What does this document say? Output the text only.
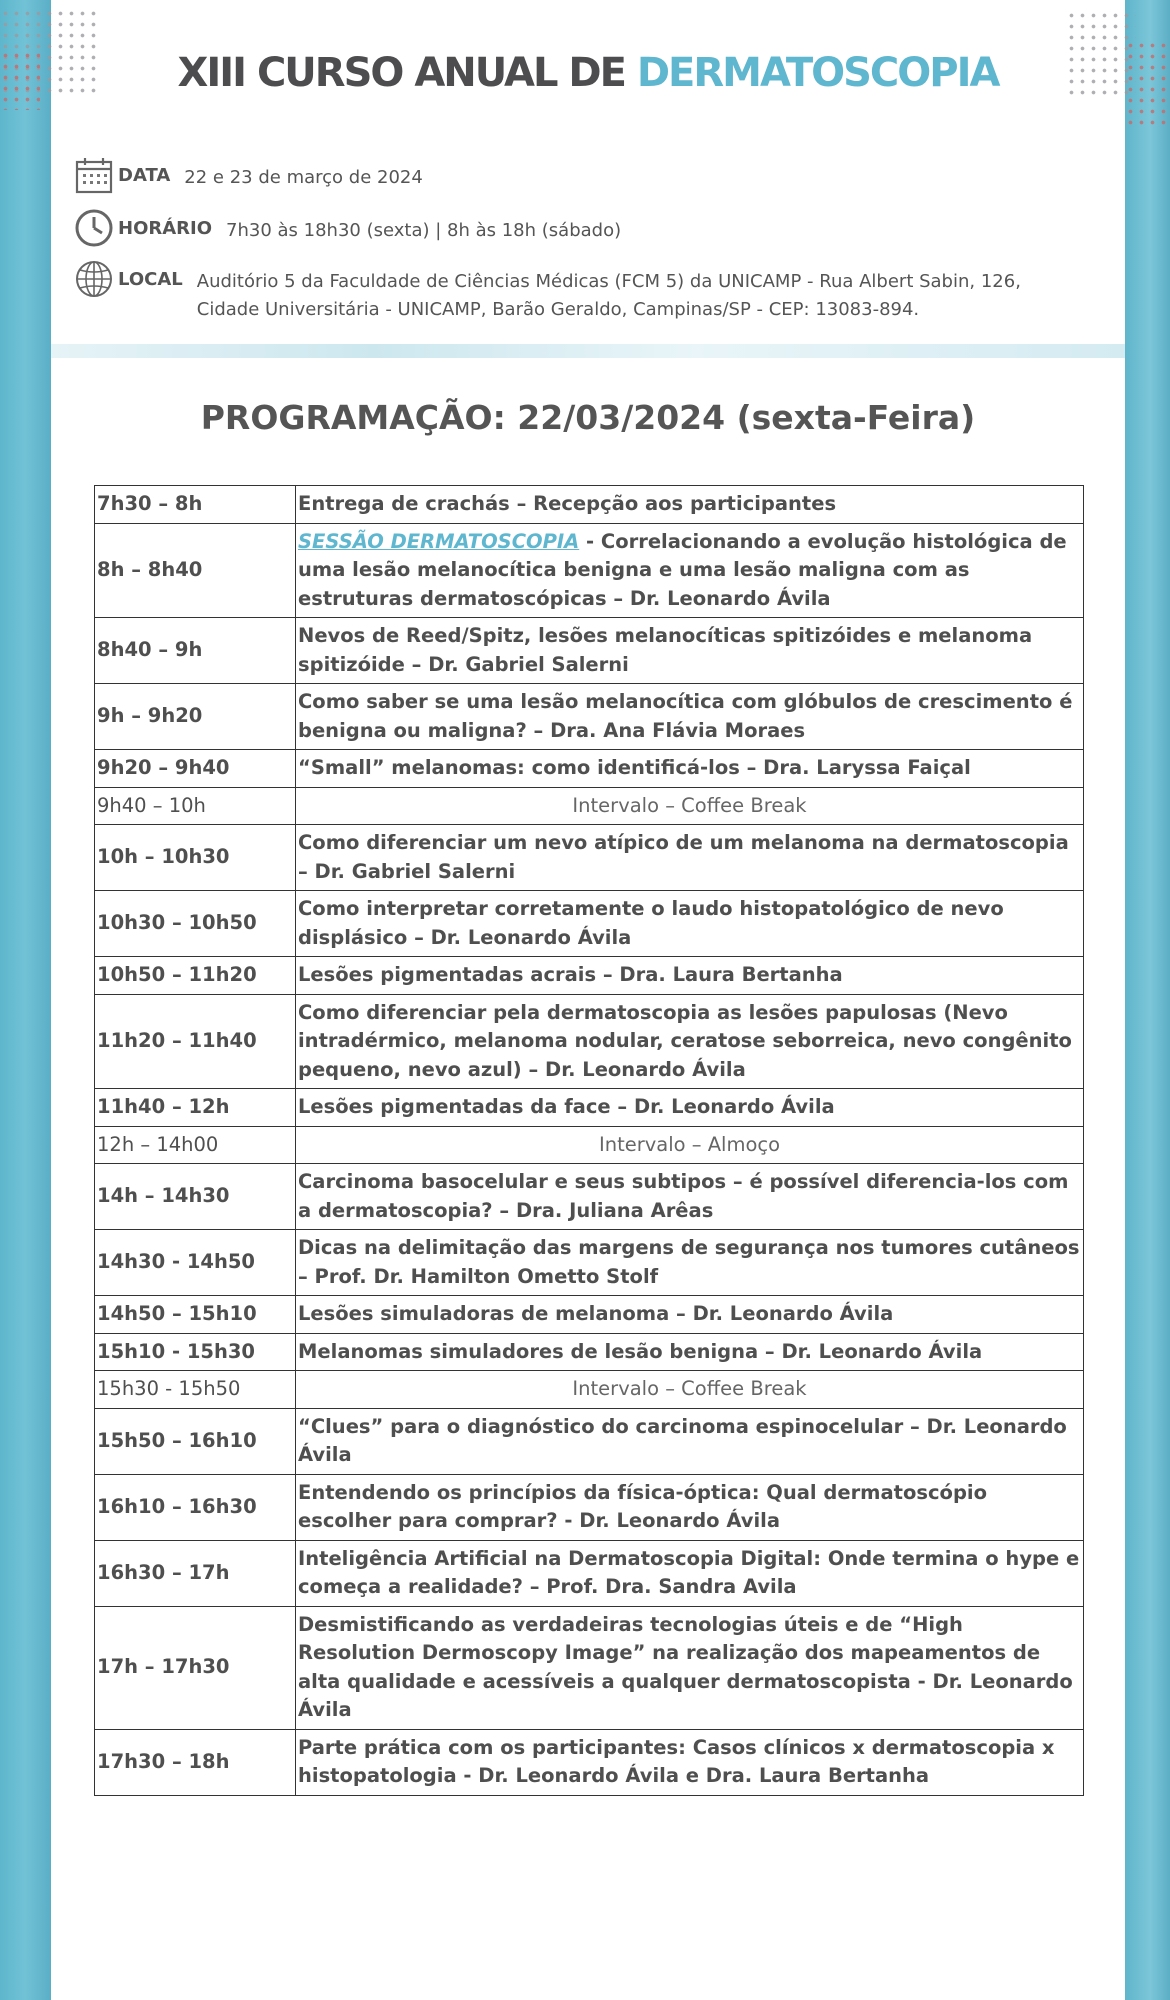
XIII CURSO ANUAL DE DERMATOSCOPIA
DATA 22 e 23 de março de 2024
HORÁRIO 7h30 às 18h30 (sexta) | 8h às 18h (sábado)
LOCAL Auditório 5 da Faculdade de Ciências Médicas (FCM 5) da UNICAMP - Rua Albert Sabin, 126, Cidade Universitária - UNICAMP, Barão Geraldo, Campinas/SP - CEP: 13083-894.
PROGRAMAÇÃO: 22/03/2024 (sexta-Feira)
7h30 – 8h	Entrega de crachás – Recepção aos participantes
8h – 8h40	SESSÃO DERMATOSCOPIA - Correlacionando a evolução histológica de uma lesão melanocítica benigna e uma lesão maligna com as estruturas dermatoscópicas – Dr. Leonardo Ávila
8h40 – 9h	Nevos de Reed/Spitz, lesões melanocíticas spitizóides e melanoma spitizóide – Dr. Gabriel Salerni
9h – 9h20	Como saber se uma lesão melanocítica com glóbulos de crescimento é benigna ou maligna? – Dra. Ana Flávia Moraes
9h20 – 9h40	“Small” melanomas: como identificá-los – Dra. Laryssa Faiçal
9h40 – 10h	Intervalo – Coffee Break
10h – 10h30	Como diferenciar um nevo atípico de um melanoma na dermatoscopia – Dr. Gabriel Salerni
10h30 – 10h50	Como interpretar corretamente o laudo histopatológico de nevo displásico – Dr. Leonardo Ávila
10h50 – 11h20	Lesões pigmentadas acrais – Dra. Laura Bertanha
11h20 – 11h40	Como diferenciar pela dermatoscopia as lesões papulosas (Nevo intradérmico, melanoma nodular, ceratose seborreica, nevo congênito pequeno, nevo azul) – Dr. Leonardo Ávila
11h40 – 12h	Lesões pigmentadas da face – Dr. Leonardo Ávila
12h – 14h00	Intervalo – Almoço
14h – 14h30	Carcinoma basocelular e seus subtipos – é possível diferencia-los com a dermatoscopia? – Dra. Juliana Arêas
14h30 - 14h50	Dicas na delimitação das margens de segurança nos tumores cutâneos – Prof. Dr. Hamilton Ometto Stolf
14h50 – 15h10	Lesões simuladoras de melanoma – Dr. Leonardo Ávila
15h10 - 15h30	Melanomas simuladores de lesão benigna – Dr. Leonardo Ávila
15h30 - 15h50	Intervalo – Coffee Break
15h50 – 16h10	“Clues” para o diagnóstico do carcinoma espinocelular – Dr. Leonardo Ávila
16h10 – 16h30	Entendendo os princípios da física-óptica: Qual dermatoscópio escolher para comprar? - Dr. Leonardo Ávila
16h30 – 17h	Inteligência Artificial na Dermatoscopia Digital: Onde termina o hype e começa a realidade? – Prof. Dra. Sandra Avila
17h – 17h30	Desmistificando as verdadeiras tecnologias úteis e de “High Resolution Dermoscopy Image” na realização dos mapeamentos de alta qualidade e acessíveis a qualquer dermatoscopista - Dr. Leonardo Ávila
17h30 – 18h	Parte prática com os participantes: Casos clínicos x dermatoscopia x histopatologia - Dr. Leonardo Ávila e Dra. Laura Bertanha
